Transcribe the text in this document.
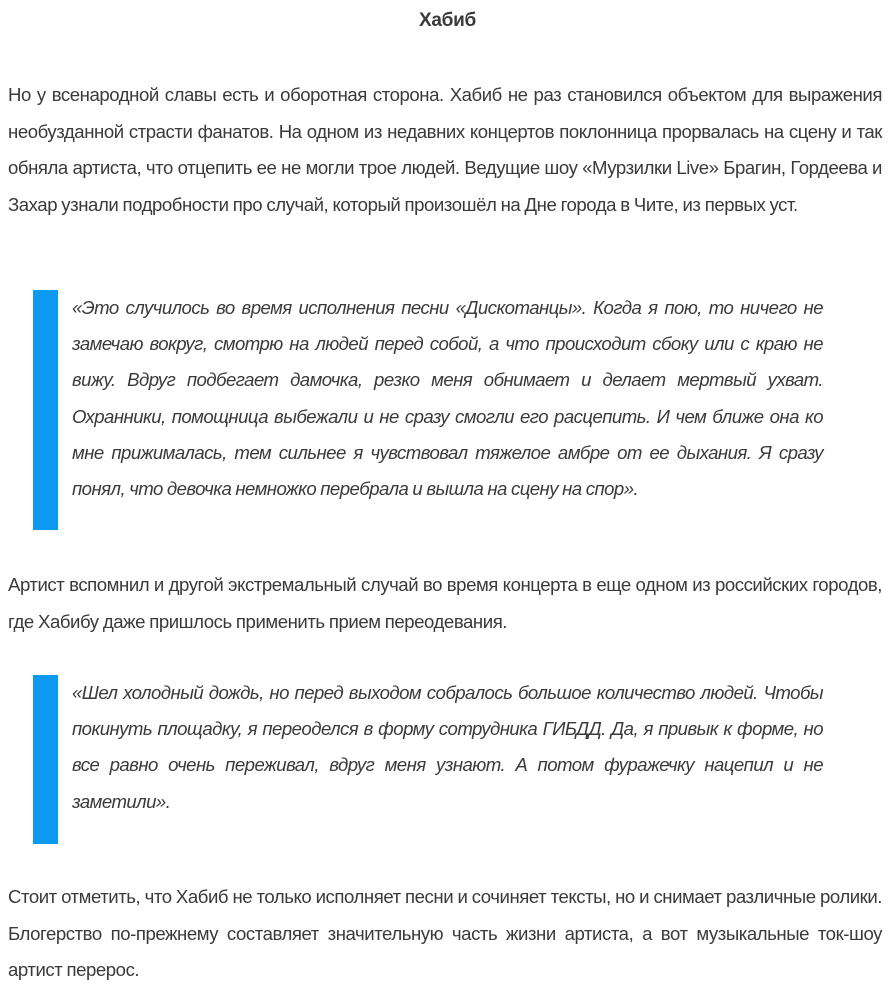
Хабиб

Но у всенародной славы есть и оборотная сторона. Хабиб не раз становился объектом для выражения необузданной страсти фанатов. На одном из недавних концертов поклонница прорвалась на сцену и так обняла артиста, что отцепить ее не могли трое людей. Ведущие шоу «Мурзилки Live» Брагин, Гордеева и Захар узнали подробности про случай, который произошёл на Дне города в Чите, из первых уст.

«Это случилось во время исполнения песни «Дискотанцы». Когда я пою, то ничего не замечаю вокруг, смотрю на людей перед собой, а что происходит сбоку или с краю не вижу. Вдруг подбегает дамочка, резко меня обнимает и делает мертвый ухват. Охранники, помощница выбежали и не сразу смогли его расцепить. И чем ближе она ко мне прижималась, тем сильнее я чувствовал тяжелое амбре от ее дыхания. Я сразу понял, что девочка немножко перебрала и вышла на сцену на спор».

Артист вспомнил и другой экстремальный случай во время концерта в еще одном из российских городов, где Хабибу даже пришлось применить прием переодевания.

«Шел холодный дождь, но перед выходом собралось большое количество людей. Чтобы покинуть площадку, я переоделся в форму сотрудника ГИБДД. Да, я привык к форме, но все равно очень переживал, вдруг меня узнают. А потом фуражечку нацепил и не заметили».

Стоит отметить, что Хабиб не только исполняет песни и сочиняет тексты, но и снимает различные ролики. Блогерство по-прежнему составляет значительную часть жизни артиста, а вот музыкальные ток-шоу артист перерос.
